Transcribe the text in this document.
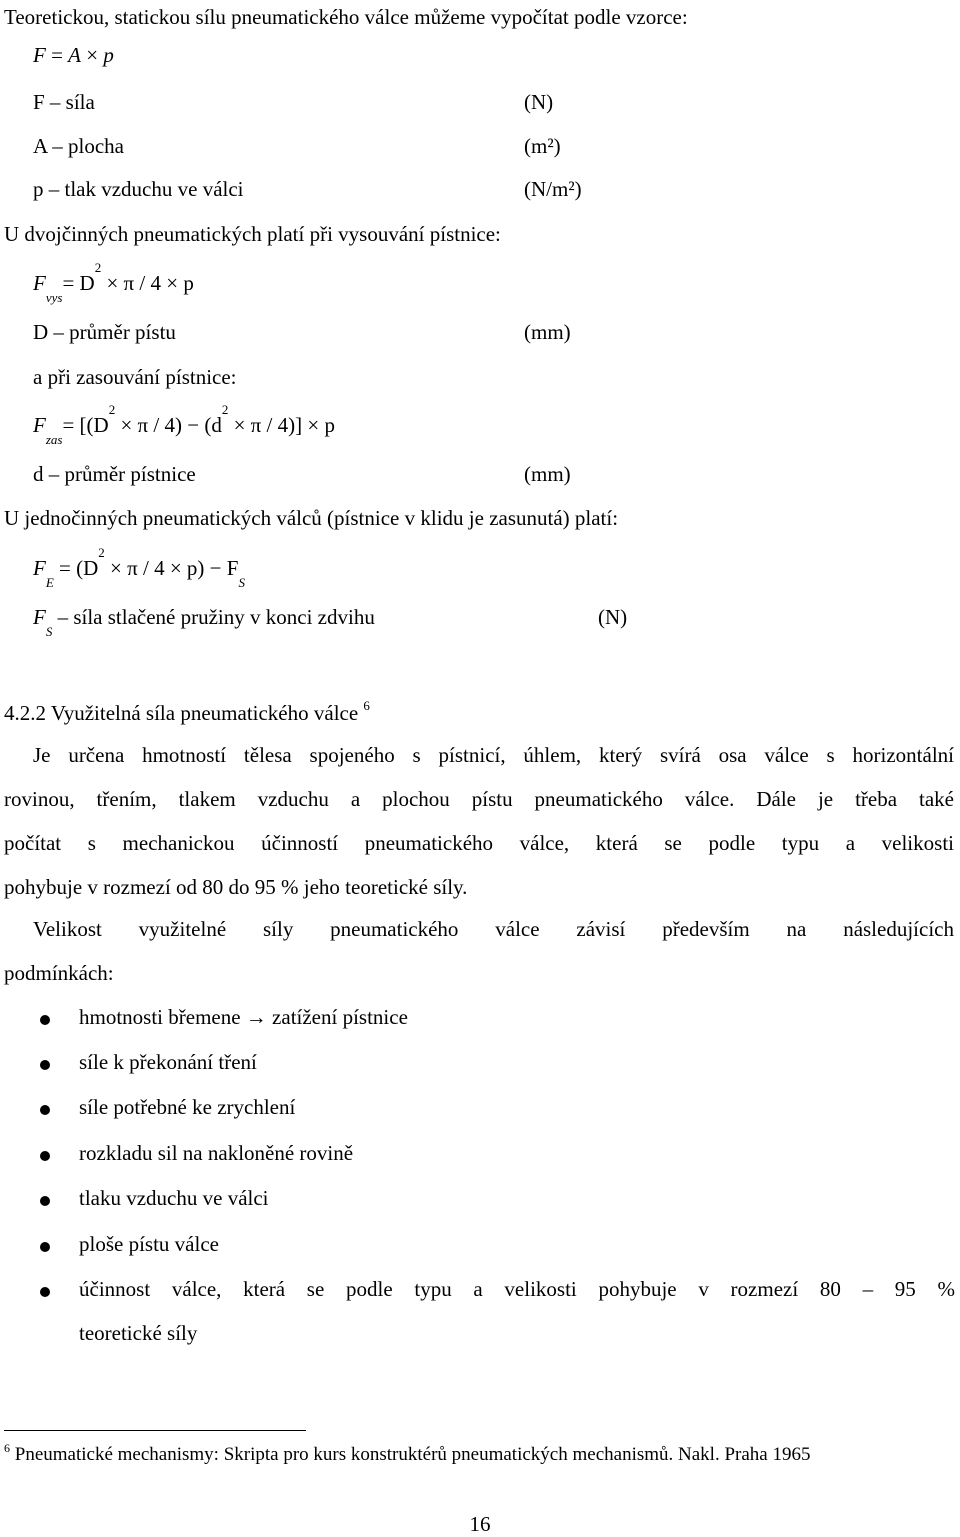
Teoretickou, statickou sílu pneumatického válce můžeme vypočítat podle vzorce:
F = A × p
F – síla	(N)
A – plocha	(m²)
p – tlak vzduchu ve válci	(N/m²)
U dvojčinných pneumatických platí při vysouvání pístnice:
$F_{vys}= D^2 \times \pi / 4 \times p$
D – průměr pístu	(mm)
a při zasouvání pístnice:
$F_{zas}= [(D^2 \times \pi / 4) - (d^2 \times \pi / 4)] \times p$
d – průměr pístnice	(mm)
U jednočinných pneumatických válců (pístnice v klidu je zasunutá) platí:
$F_E = (D^2 \times \pi / 4 \times p) - F_S$
$F_S$ – síla stlačené pružiny v konci zdvihu	(N)
4.2.2 Využitelná síla pneumatického válce $^6$
Je určena hmotností tělesa spojeného s pístnicí, úhlem, který svírá osa válce s horizontální
rovinou, třením, tlakem vzduchu a plochou pístu pneumatického válce. Dále je třeba také
počítat s mechanickou účinností pneumatického válce, která se podle typu a velikosti
pohybuje v rozmezí od 80 do 95 % jeho teoretické síly.
Velikost využitelné síly pneumatického válce závisí především na následujících
podmínkách:
hmotnosti břemene → zatížení pístnice
síle k překonání tření
síle potřebné ke zrychlení
rozkladu sil na nakloněné rovině
tlaku vzduchu ve válci
ploše pístu válce
účinnost válce, která se podle typu a velikosti pohybuje v rozmezí 80 – 95 %
teoretické síly
$^6$ Pneumatické mechanismy: Skripta pro kurs konstruktérů pneumatických mechanismů. Nakl. Praha 1965
16
